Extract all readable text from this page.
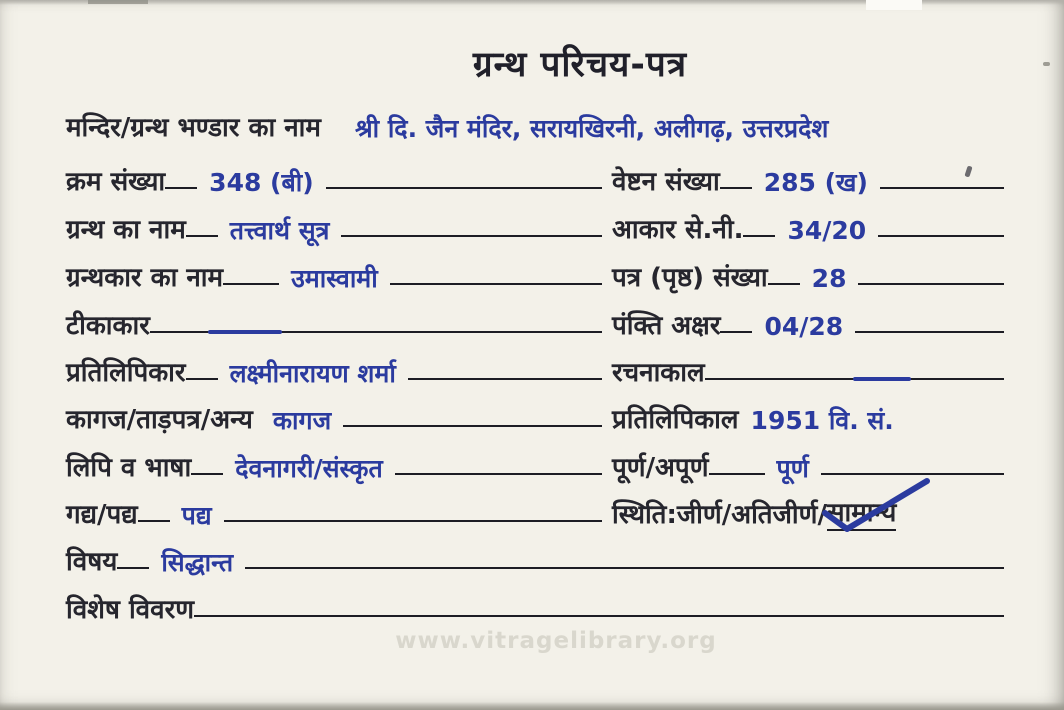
ग्रन्थ परिचय-पत्र
मन्दिर/ग्रन्थ भण्डार का नाम श्री दि. जैन मंदिर, सरायखिरनी, अलीगढ़, उत्तरप्रदेश
क्रम संख्या 348 (बी)	वेष्टन संख्या 285 (ख)
ग्रन्थ का नाम तत्त्वार्थ सूत्र	आकार से.नी. 34/20
ग्रन्थकार का नाम	उमास्वामी	पत्र (पृष्ठ) संख्या 28
टीकाकार	पंक्ति अक्षर 04/28
प्रतिलिपिकार लक्ष्मीनारायण शर्मा	रचनाकाल
कागज/ताड़पत्र/अन्य कागज	प्रतिलिपिकाल 1951 वि. सं.
लिपि व भाषा देवनागरी/संस्कृत	पूर्ण/अपूर्ण	पूर्ण
गद्य/पद्य पद्य	स्थिति:जीर्ण/अतिजीर्ण/ सामान्य
विषय सिद्धान्त
विशेष विवरण
www.vitragelibrary.org
